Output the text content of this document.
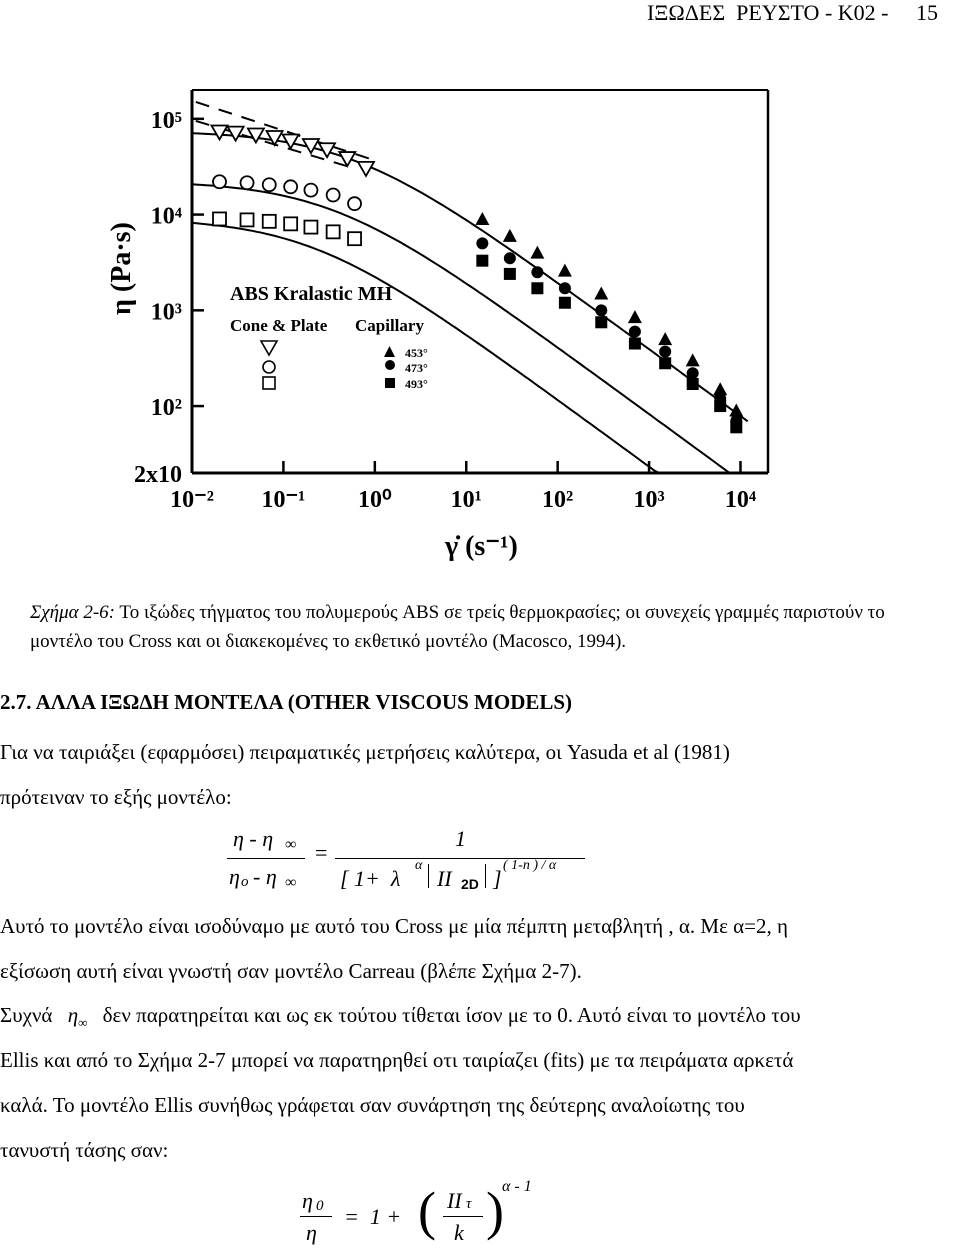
ΙΞΩΔΕΣ  ΡΕΥΣΤΟ - Κ02 -     15
10⁵
10⁴
10³
10²
2x10
10⁻² 10⁻¹ 10⁰ 10¹	10²	10³	10⁴
ABS Kralastic MH
Cone & Plate Capillary
453°
473°
493°
η (Pa·s)
γ̇ (s⁻¹)
Σχήμα 2-6: Το ιξώδες τήγματος του πολυμερούς ABS σε τρείς θερμοκρασίες; οι συνεχείς γραμμές παριστούν το μοντέλο του Cross και οι διακεκομένες το εκθετικό μοντέλο (Macosco, 1994).
2.7. ΑΛΛΑ ΙΞΩΔΗ ΜΟΝΤΕΛΑ (OTHER VISCOUS MODELS)
Για να ταιριάξει (εφαρμόσει) πειραματικές μετρήσεις καλύτερα, οι Yasuda et al (1981)
πρότειναν το εξής μοντέλο:
η - η ∞
η o - η ∞
=
1
[ 1+  λ
α
II 2D ]
( 1-n ) / α
Αυτό το μοντέλο είναι ισοδύναμο με αυτό του Cross με μία πέμπτη μεταβλητή , α. Με α=2, η
εξίσωση αυτή είναι γνωστή σαν μοντέλο Carreau (βλέπε Σχήμα 2-7).
Συχνά $\eta_\infty$ δεν παρατηρείται και ως εκ τούτου τίθεται ίσον με το 0. Αυτό είναι το μοντέλο του
Ellis και από το Σχήμα 2-7 μπορεί να παρατηρηθεί οτι ταιρίαζει (fits) με τα πειράματα αρκετά
καλά. Το μοντέλο Ellis συνήθως γράφεται σαν συνάρτηση της δεύτερης αναλοίωτης του
τανυστή τάσης σαν:
η 0
η
=  1 + ( II τ
k )
α - 1
